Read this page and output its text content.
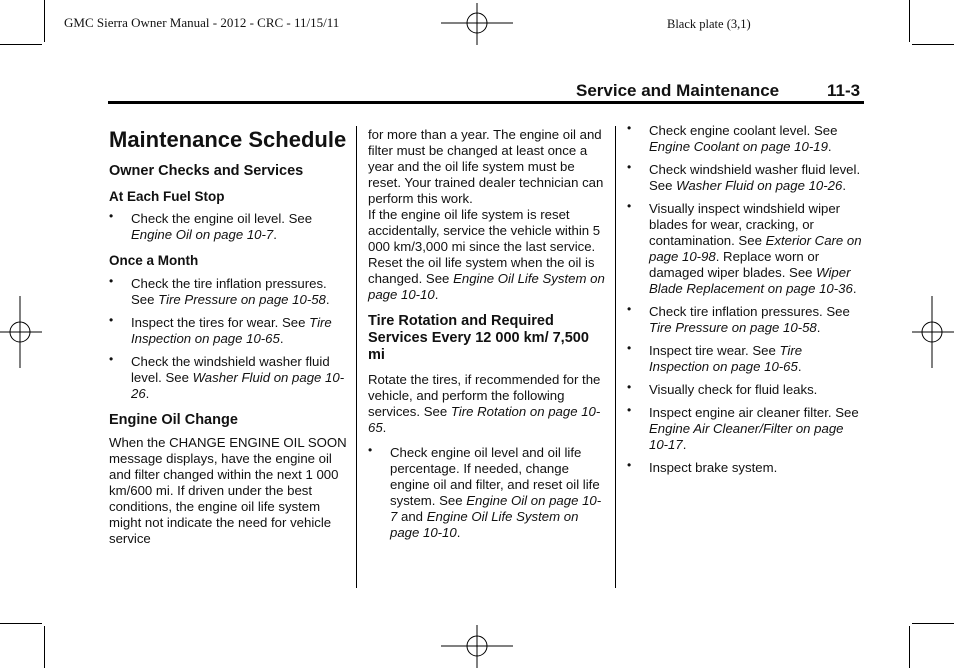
GMC Sierra Owner Manual - 2012 - CRC - 11/15/11	Black plate (3,1)
Service and Maintenance	11-3
Maintenance Schedule
Owner Checks and Services
At Each Fuel Stop
• Check the engine oil level. See Engine Oil on page 10-7.
Once a Month
• Check the tire inflation pressures. See Tire Pressure on page 10-58.
• Inspect the tires for wear. See Tire Inspection on page 10-65.
• Check the windshield washer fluid level. See Washer Fluid on page 10-26.
Engine Oil Change

When the CHANGE ENGINE OIL SOON message displays, have the engine oil and filter changed within the next 1 000 km/600 mi. If driven under the best conditions, the engine oil life system might not indicate the need for vehicle service

for more than a year. The engine oil and filter must be changed at least once a year and the oil life system must be reset. Your trained dealer technician can perform this work.

If the engine oil life system is reset accidentally, service the vehicle within 5 000 km/3,000 mi since the last service. Reset the oil life system when the oil is changed. See Engine Oil Life System on page 10-10.

Tire Rotation and Required Services Every 12 000 km/ 7,500 mi

Rotate the tires, if recommended for the vehicle, and perform the following services. See Tire Rotation on page 10-65.

• Check engine oil level and oil life percentage. If needed, change engine oil and filter, and reset oil life system. See Engine Oil on page 10-7 and Engine Oil Life System on page 10-10.
• Check engine coolant level. See Engine Coolant on page 10-19.
• Check windshield washer fluid level. See Washer Fluid on page 10-26.
• Visually inspect windshield wiper blades for wear, cracking, or contamination. See Exterior Care on page 10-98. Replace worn or damaged wiper blades. See Wiper Blade Replacement on page 10-36.
• Check tire inflation pressures. See Tire Pressure on page 10-58.
• Inspect tire wear. See Tire Inspection on page 10-65.
• Visually check for fluid leaks.
• Inspect engine air cleaner filter. See Engine Air Cleaner/Filter on page 10-17.
• Inspect brake system.
